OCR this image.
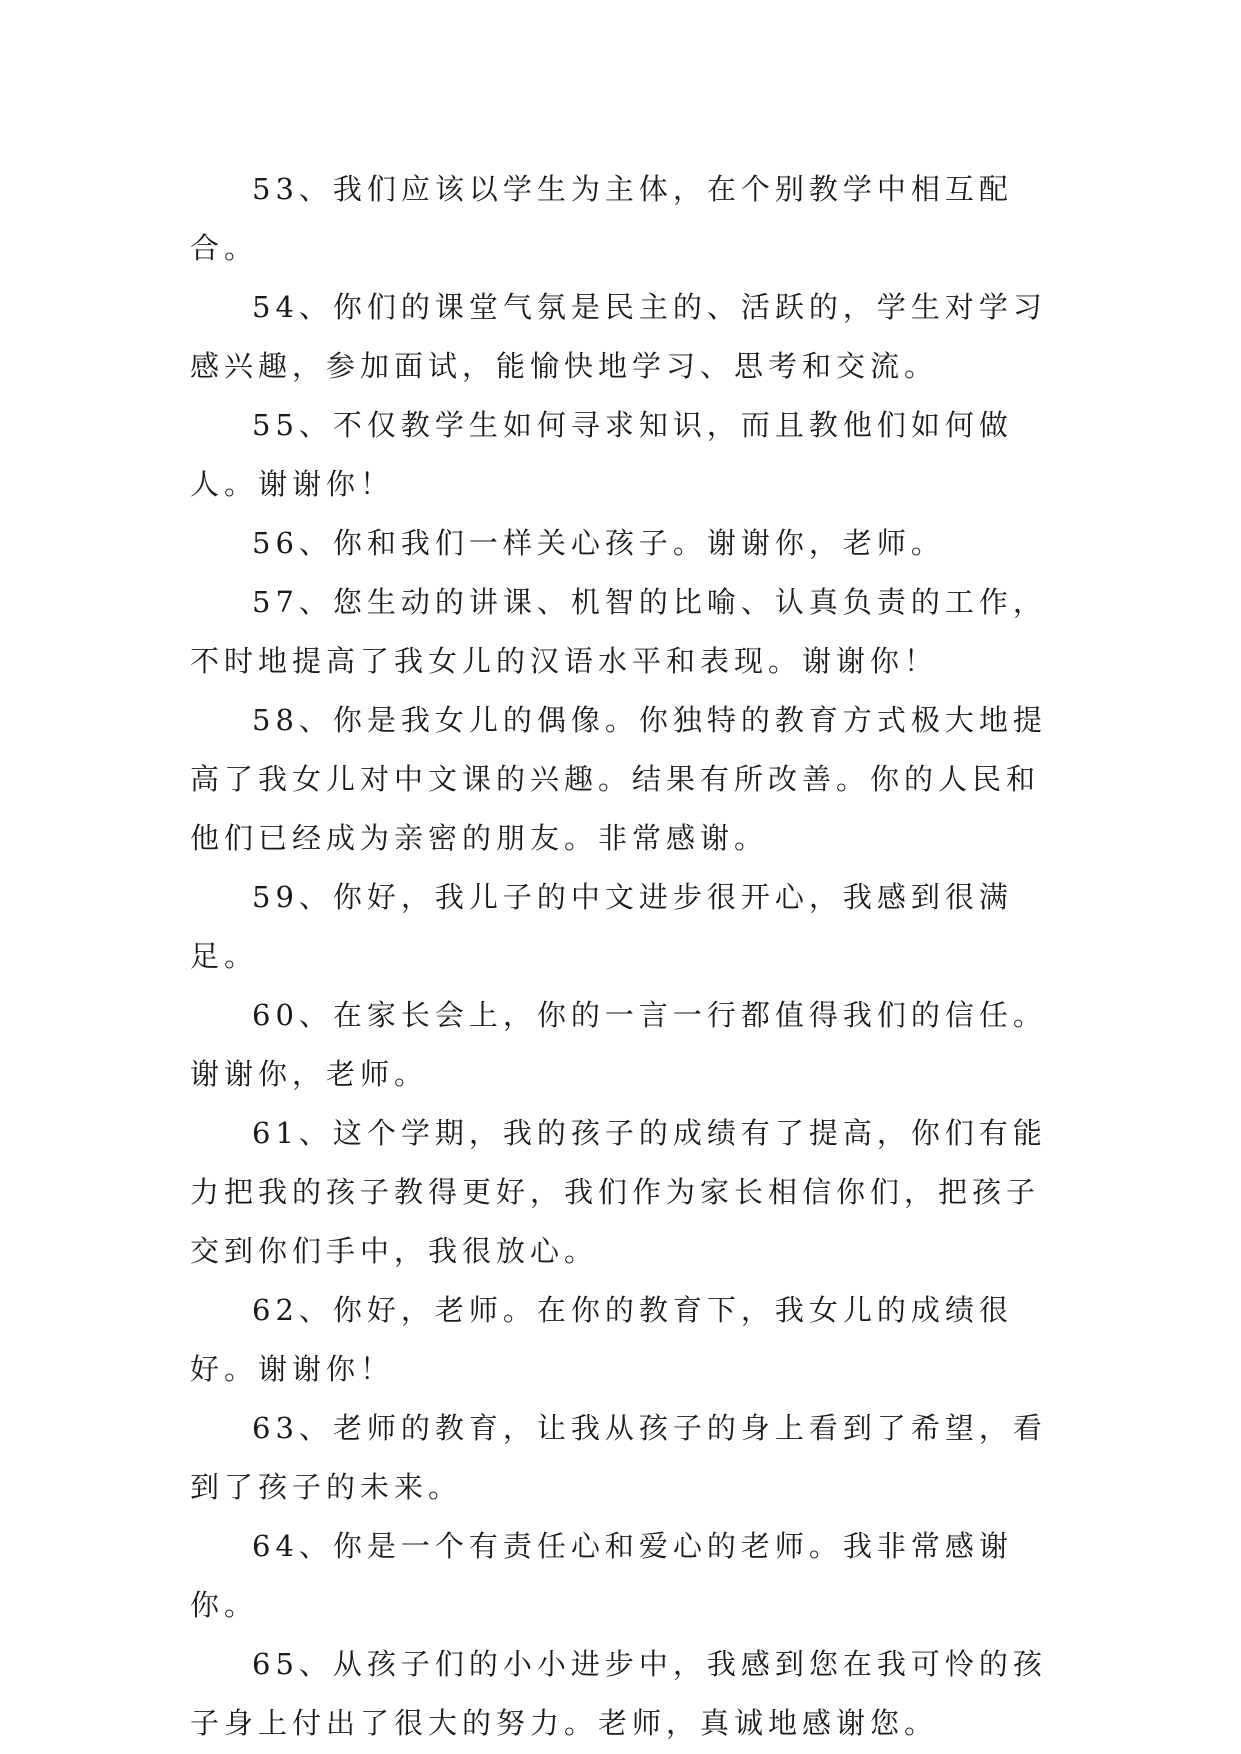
53、我们应该以学生为主体，在个别教学中相互配合。

54、你们的课堂气氛是民主的、活跃的，学生对学习感兴趣，参加面试，能愉快地学习、思考和交流。

55、不仅教学生如何寻求知识，而且教他们如何做人。谢谢你！

56、你和我们一样关心孩子。谢谢你，老师。

57、您生动的讲课、机智的比喻、认真负责的工作，不时地提高了我女儿的汉语水平和表现。谢谢你！

58、你是我女儿的偶像。你独特的教育方式极大地提高了我女儿对中文课的兴趣。结果有所改善。你的人民和他们已经成为亲密的朋友。非常感谢。

59、你好，我儿子的中文进步很开心，我感到很满足。

60、在家长会上，你的一言一行都值得我们的信任。谢谢你，老师。

61、这个学期，我的孩子的成绩有了提高，你们有能力把我的孩子教得更好，我们作为家长相信你们，把孩子交到你们手中，我很放心。

62、你好，老师。在你的教育下，我女儿的成绩很好。谢谢你！

63、老师的教育，让我从孩子的身上看到了希望，看到了孩子的未来。

64、你是一个有责任心和爱心的老师。我非常感谢你。

65、从孩子们的小小进步中，我感到您在我可怜的孩子身上付出了很大的努力。老师，真诚地感谢您。
